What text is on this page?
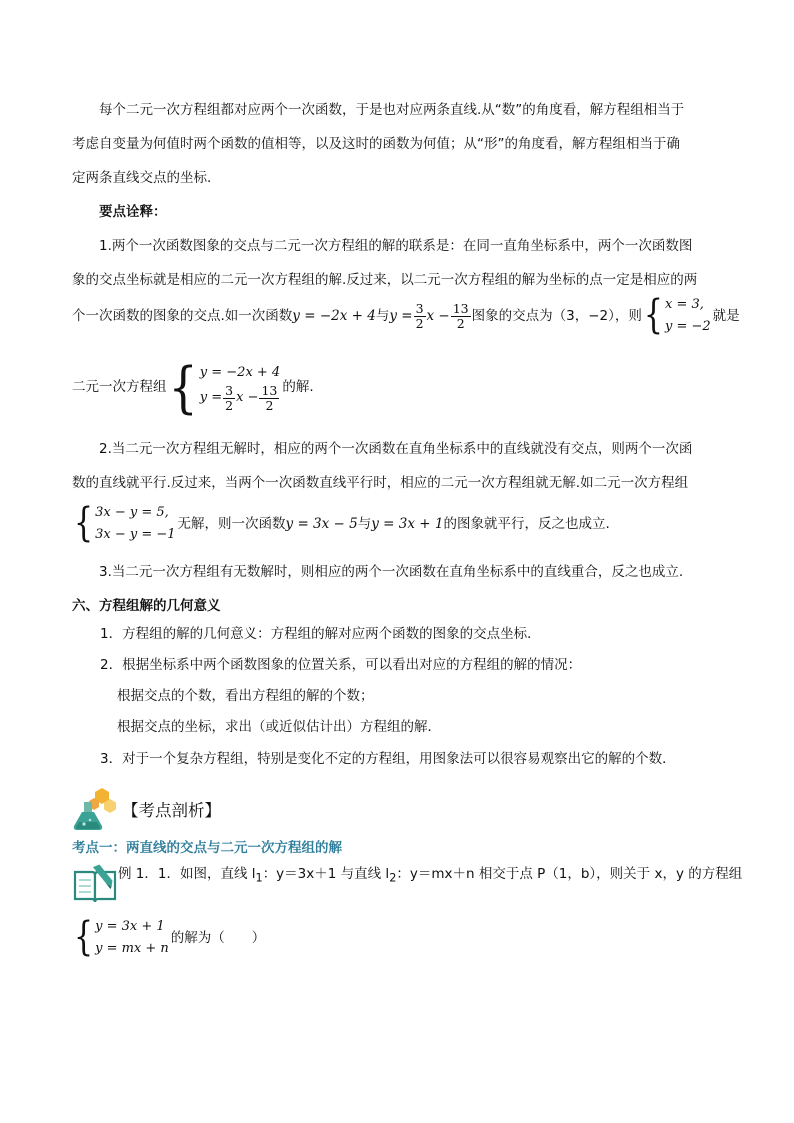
每个二元一次方程组都对应两个一次函数，于是也对应两条直线.从“数”的角度看，解方程组相当于

考虑自变量为何值时两个函数的值相等，以及这时的函数为何值；从“形”的角度看，解方程组相当于确

定两条直线交点的坐标.

要点诠释：

1.两个一次函数图象的交点与二元一次方程组的解的联系是：在同一直角坐标系中，两个一次函数图

象的交点坐标就是相应的二元一次方程组的解.反过来，以二元一次方程组的解为坐标的点一定是相应的两

个一次函数的图象的交点.如一次函数 y = −2x + 4 与 $y = \frac{3}{2}$ $x - \frac{13}{2}$ 图象的交点为（3，−2），则 { x = 3,
y = −2
就是
二元一次方程组 { y = −2x + 4
$y = \frac{3}{2}$ $x - \frac{13}{2}$ 的解.

2.当二元一次方程组无解时，相应的两个一次函数在直角坐标系中的直线就没有交点，则两个一次函

数的直线就平行.反过来，当两个一次函数直线平行时，相应的二元一次方程组就无解.如二元一次方程组

{ 3x − y = 5,
3x − y = −1
无解，则一次函数 y = 3x − 5 与 y = 3x + 1 的图象就平行，反之也成立.

3.当二元一次方程组有无数解时，则相应的两个一次函数在直角坐标系中的直线重合，反之也成立.

六、方程组解的几何意义

1．方程组的解的几何意义：方程组的解对应两个函数的图象的交点坐标．

2．根据坐标系中两个函数图象的位置关系，可以看出对应的方程组的解的情况：

根据交点的个数，看出方程组的解的个数；

根据交点的坐标，求出（或近似估计出）方程组的解．

3．对于一个复杂方程组，特别是变化不定的方程组，用图象法可以很容易观察出它的解的个数．

【考点剖析】
考点一：两直线的交点与二元一次方程组的解
例 1．1．如图，直线 $l_1$：y＝3x＋1 与直线 $l_2$：y＝mx＋n 相交于点 P（1，b），则关于 x，y 的方程组
{ y = 3x + 1
y = mx + n
的解为（　　）
